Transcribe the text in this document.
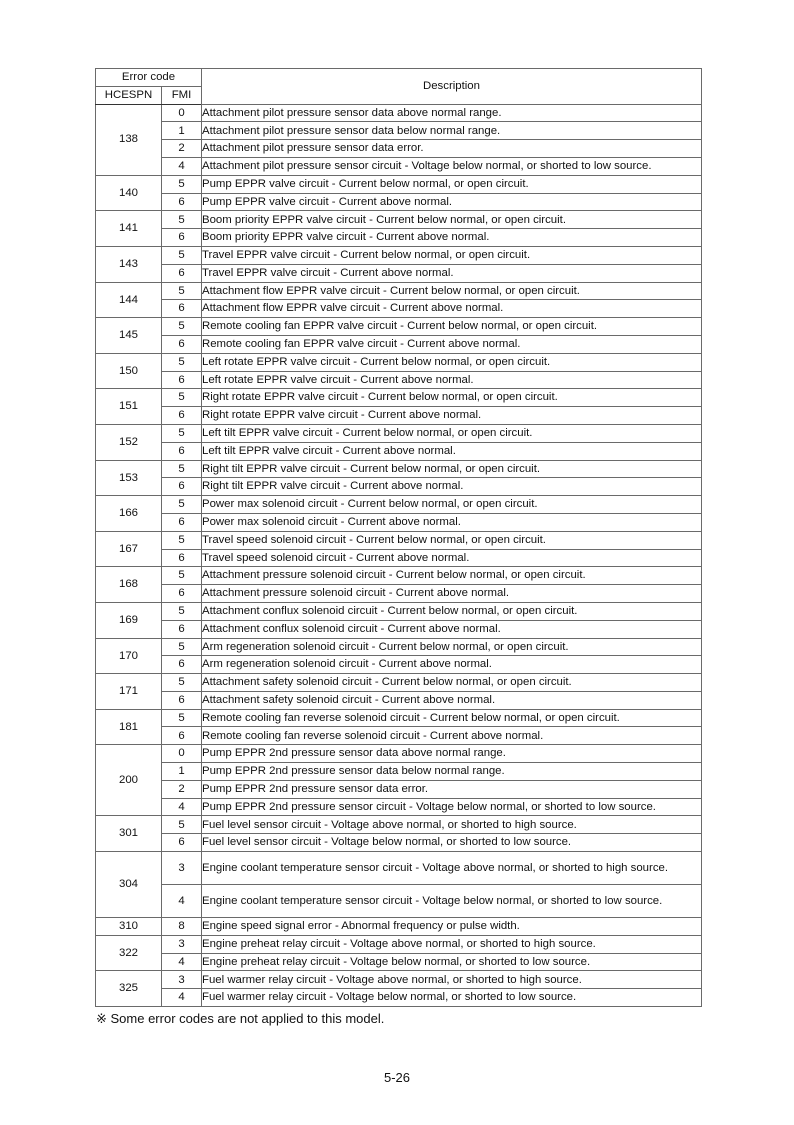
Error code		Description
HCESPN	FMI	
138	0	Attachment pilot pressure sensor data above normal range.
	1	Attachment pilot pressure sensor data below normal range.
	2	Attachment pilot pressure sensor data error.
	4	Attachment pilot pressure sensor circuit - Voltage below normal, or shorted to low source.
140	5	Pump EPPR valve circuit - Current below normal, or open circuit.
	6	Pump EPPR valve circuit - Current above normal.
141	5	Boom priority EPPR valve circuit - Current below normal, or open circuit.
	6	Boom priority EPPR valve circuit - Current above normal.
143	5	Travel EPPR valve circuit - Current below normal, or open circuit.
	6	Travel EPPR valve circuit - Current above normal.
144	5	Attachment flow EPPR valve circuit - Current below normal, or open circuit.
	6	Attachment flow EPPR valve circuit - Current above normal.
145	5	Remote cooling fan EPPR valve circuit - Current below normal, or open circuit.
	6	Remote cooling fan EPPR valve circuit - Current above normal.
150	5	Left rotate EPPR valve circuit - Current below normal, or open circuit.
	6	Left rotate EPPR valve circuit - Current above normal.
151	5	Right rotate EPPR valve circuit - Current below normal, or open circuit.
	6	Right rotate EPPR valve circuit - Current above normal.
152	5	Left tilt EPPR valve circuit - Current below normal, or open circuit.
	6	Left tilt EPPR valve circuit - Current above normal.
153	5	Right tilt EPPR valve circuit - Current below normal, or open circuit.
	6	Right tilt EPPR valve circuit - Current above normal.
166	5	Power max solenoid circuit - Current below normal, or open circuit.
	6	Power max solenoid circuit - Current above normal.
167	5	Travel speed solenoid circuit - Current below normal, or open circuit.
	6	Travel speed solenoid circuit - Current above normal.
168	5	Attachment pressure solenoid circuit - Current below normal, or open circuit.
	6	Attachment pressure solenoid circuit - Current above normal.
169	5	Attachment conflux solenoid circuit - Current below normal, or open circuit.
	6	Attachment conflux solenoid circuit - Current above normal.
170	5	Arm regeneration solenoid circuit - Current below normal, or open circuit.
	6	Arm regeneration solenoid circuit - Current above normal.
171	5	Attachment safety solenoid circuit - Current below normal, or open circuit.
	6	Attachment safety solenoid circuit - Current above normal.
181	5	Remote cooling fan reverse solenoid circuit - Current below normal, or open circuit.
	6	Remote cooling fan reverse solenoid circuit - Current above normal.
200	0	Pump EPPR 2nd pressure sensor data above normal range.
	1	Pump EPPR 2nd pressure sensor data below normal range.
	2	Pump EPPR 2nd pressure sensor data error.
	4	Pump EPPR 2nd pressure sensor circuit - Voltage below normal, or shorted to low source.
301	5	Fuel level sensor circuit - Voltage above normal, or shorted to high source.
	6	Fuel level sensor circuit - Voltage below normal, or shorted to low source.
304	3	Engine coolant temperature sensor circuit - Voltage above normal, or shorted to high source.
	4	Engine coolant temperature sensor circuit - Voltage below normal, or shorted to low source.
310	8	Engine speed signal error - Abnormal frequency or pulse width.
322	3	Engine preheat relay circuit - Voltage above normal, or shorted to high source.
	4	Engine preheat relay circuit - Voltage below normal, or shorted to low source.
325	3	Fuel warmer relay circuit - Voltage above normal, or shorted to high source.
	4	Fuel warmer relay circuit - Voltage below normal, or shorted to low source.
※ Some error codes are not applied to this model.
5-26
